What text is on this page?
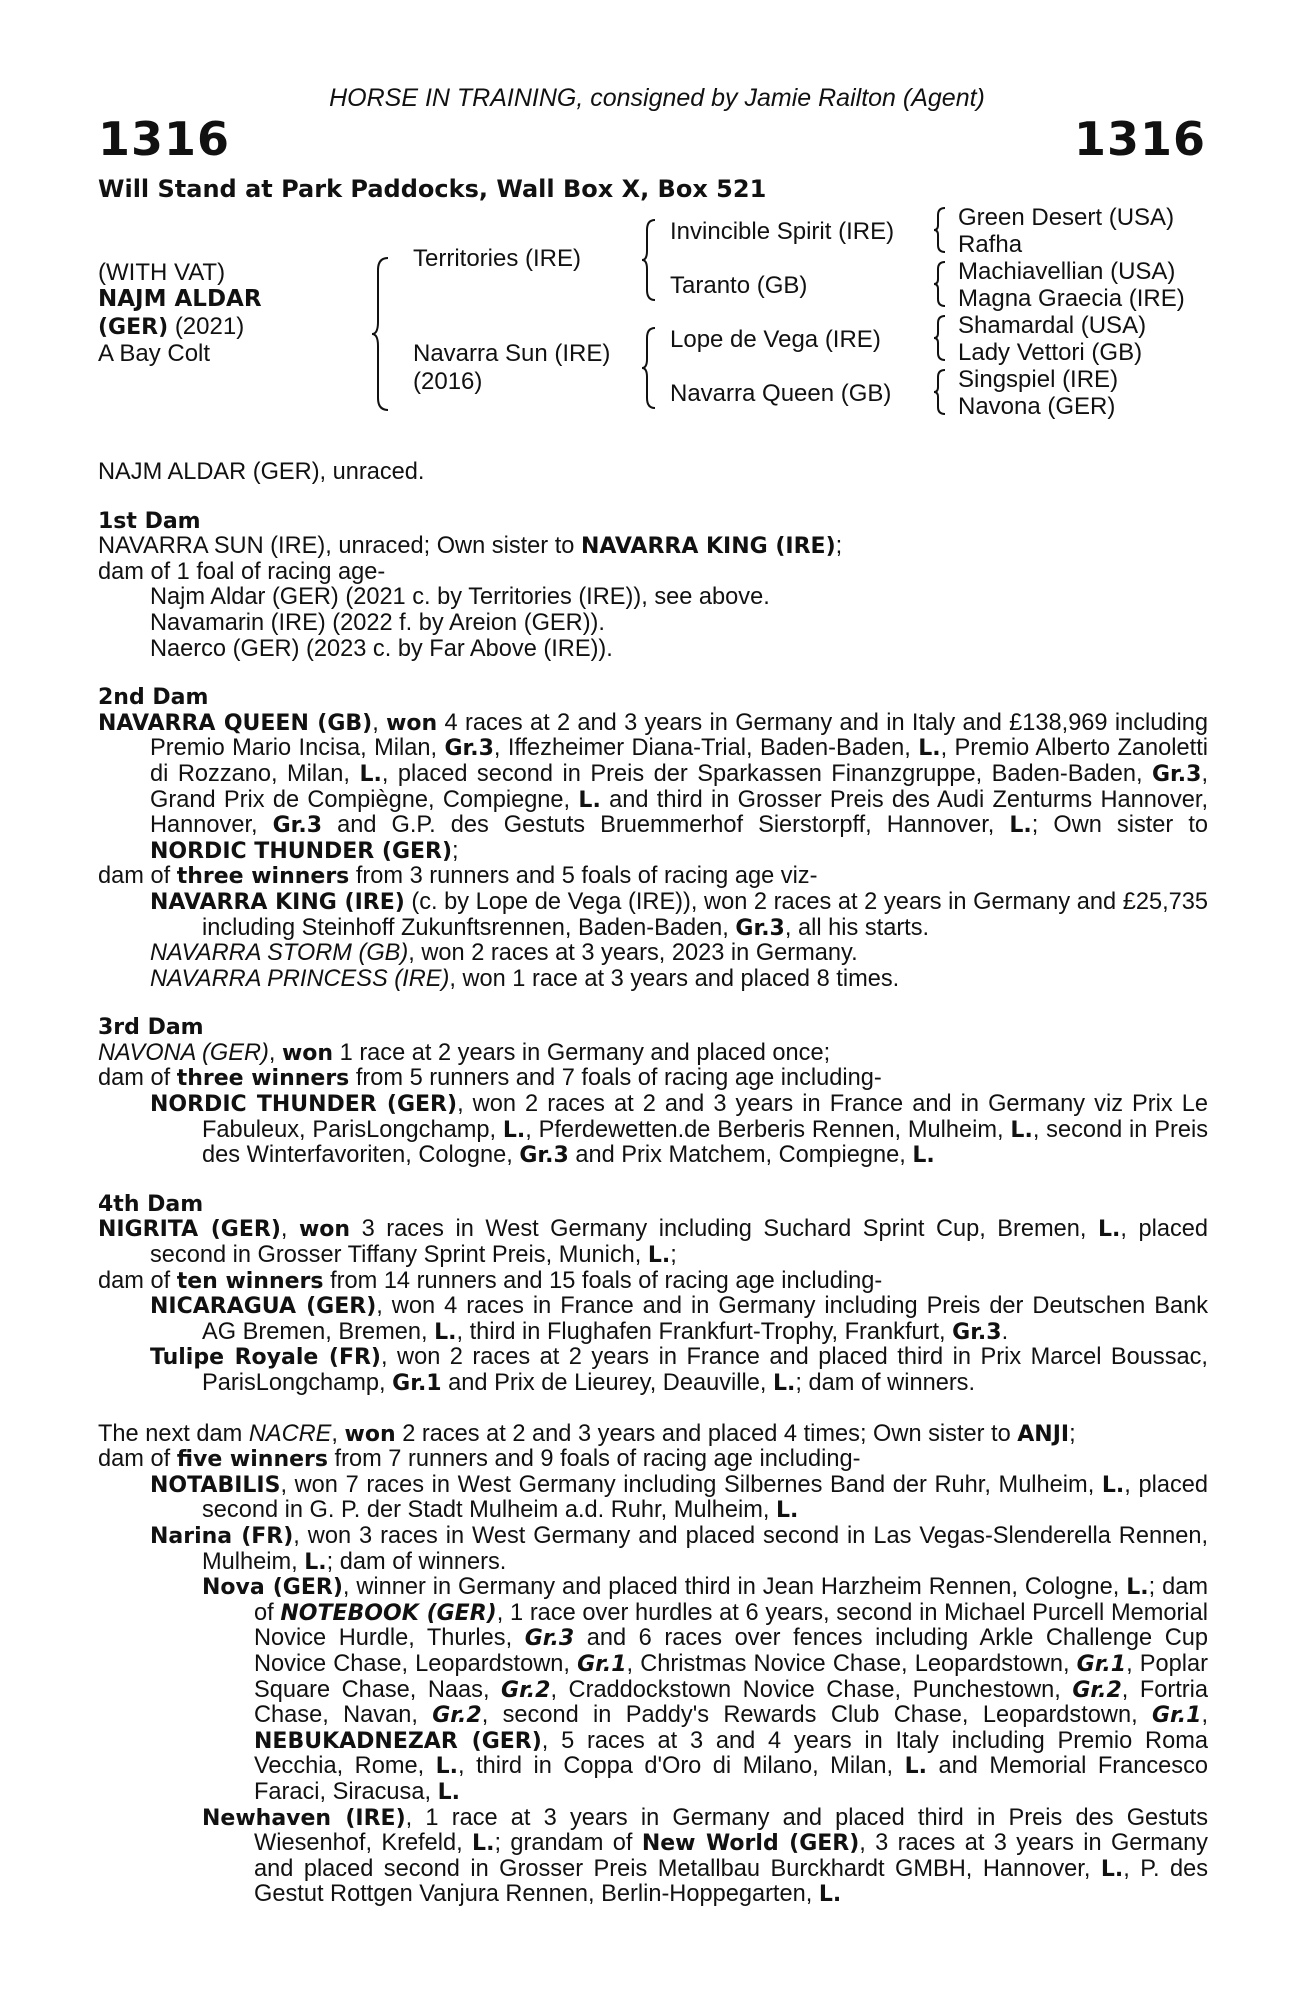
HORSE IN TRAINING, consigned by Jamie Railton (Agent)
1316	1316
Will Stand at Park Paddocks, Wall Box X, Box 521
(WITH VAT)
NAJM ALDAR
(GER) (2021)
A Bay Colt
Territories (IRE)
Navarra Sun (IRE)
(2016)
Invincible Spirit (IRE)
Taranto (GB)
Lope de Vega (IRE)
Navarra Queen (GB)
Green Desert (USA)
Rafha
Machiavellian (USA)
Magna Graecia (IRE)
Shamardal (USA)
Lady Vettori (GB)
Singspiel (IRE)
Navona (GER)

NAJM ALDAR (GER), unraced.

1st Dam

NAVARRA SUN (IRE), unraced; Own sister to NAVARRA KING (IRE);

dam of 1 foal of racing age-

Najm Aldar (GER) (2021 c. by Territories (IRE)), see above.

Navamarin (IRE) (2022 f. by Areion (GER)).

Naerco (GER) (2023 c. by Far Above (IRE)).

2nd Dam

NAVARRA QUEEN (GB), won 4 races at 2 and 3 years in Germany and in Italy and £138,969 including Premio Mario Incisa, Milan, Gr.3, Iffezheimer Diana-Trial, Baden-Baden, L., Premio Alberto Zanoletti di Rozzano, Milan, L., placed second in Preis der Sparkassen Finanzgruppe, Baden-Baden, Gr.3, Grand Prix de Compiègne, Compiegne, L. and third in Grosser Preis des Audi Zenturms Hannover, Hannover, Gr.3 and G.P. des Gestuts Bruemmerhof Sierstorpff, Hannover, L.; Own sister to NORDIC THUNDER (GER);

dam of three winners from 3 runners and 5 foals of racing age viz-

NAVARRA KING (IRE) (c. by Lope de Vega (IRE)), won 2 races at 2 years in Germany and £25,735 including Steinhoff Zukunftsrennen, Baden-Baden, Gr.3, all his starts.

NAVARRA STORM (GB), won 2 races at 3 years, 2023 in Germany.

NAVARRA PRINCESS (IRE), won 1 race at 3 years and placed 8 times.

3rd Dam

NAVONA (GER), won 1 race at 2 years in Germany and placed once;

dam of three winners from 5 runners and 7 foals of racing age including-

NORDIC THUNDER (GER), won 2 races at 2 and 3 years in France and in Germany viz Prix Le Fabuleux, ParisLongchamp, L., Pferdewetten.de Berberis Rennen, Mulheim, L., second in Preis des Winterfavoriten, Cologne, Gr.3 and Prix Matchem, Compiegne, L.

4th Dam

NIGRITA (GER), won 3 races in West Germany including Suchard Sprint Cup, Bremen, L., placed second in Grosser Tiffany Sprint Preis, Munich, L.;

dam of ten winners from 14 runners and 15 foals of racing age including-

NICARAGUA (GER), won 4 races in France and in Germany including Preis der Deutschen Bank AG Bremen, Bremen, L., third in Flughafen Frankfurt-Trophy, Frankfurt, Gr.3.

Tulipe Royale (FR), won 2 races at 2 years in France and placed third in Prix Marcel Boussac, ParisLongchamp, Gr.1 and Prix de Lieurey, Deauville, L.; dam of winners.

The next dam NACRE, won 2 races at 2 and 3 years and placed 4 times; Own sister to ANJI;

dam of five winners from 7 runners and 9 foals of racing age including-

NOTABILIS, won 7 races in West Germany including Silbernes Band der Ruhr, Mulheim, L., placed second in G. P. der Stadt Mulheim a.d. Ruhr, Mulheim, L.

Narina (FR), won 3 races in West Germany and placed second in Las Vegas-Slenderella Rennen, Mulheim, L.; dam of winners.

Nova (GER), winner in Germany and placed third in Jean Harzheim Rennen, Cologne, L.; dam of NOTEBOOK (GER), 1 race over hurdles at 6 years, second in Michael Purcell Memorial Novice Hurdle, Thurles, Gr.3 and 6 races over fences including Arkle Challenge Cup Novice Chase, Leopardstown, Gr.1, Christmas Novice Chase, Leopardstown, Gr.1, Poplar Square Chase, Naas, Gr.2, Craddockstown Novice Chase, Punchestown, Gr.2, Fortria Chase, Navan, Gr.2, second in Paddy's Rewards Club Chase, Leopardstown, Gr.1, NEBUKADNEZAR (GER), 5 races at 3 and 4 years in Italy including Premio Roma Vecchia, Rome, L., third in Coppa d'Oro di Milano, Milan, L. and Memorial Francesco Faraci, Siracusa, L.

Newhaven (IRE), 1 race at 3 years in Germany and placed third in Preis des Gestuts Wiesenhof, Krefeld, L.; grandam of New World (GER), 3 races at 3 years in Germany and placed second in Grosser Preis Metallbau Burckhardt GMBH, Hannover, L., P. des Gestut Rottgen Vanjura Rennen, Berlin-Hoppegarten, L.
